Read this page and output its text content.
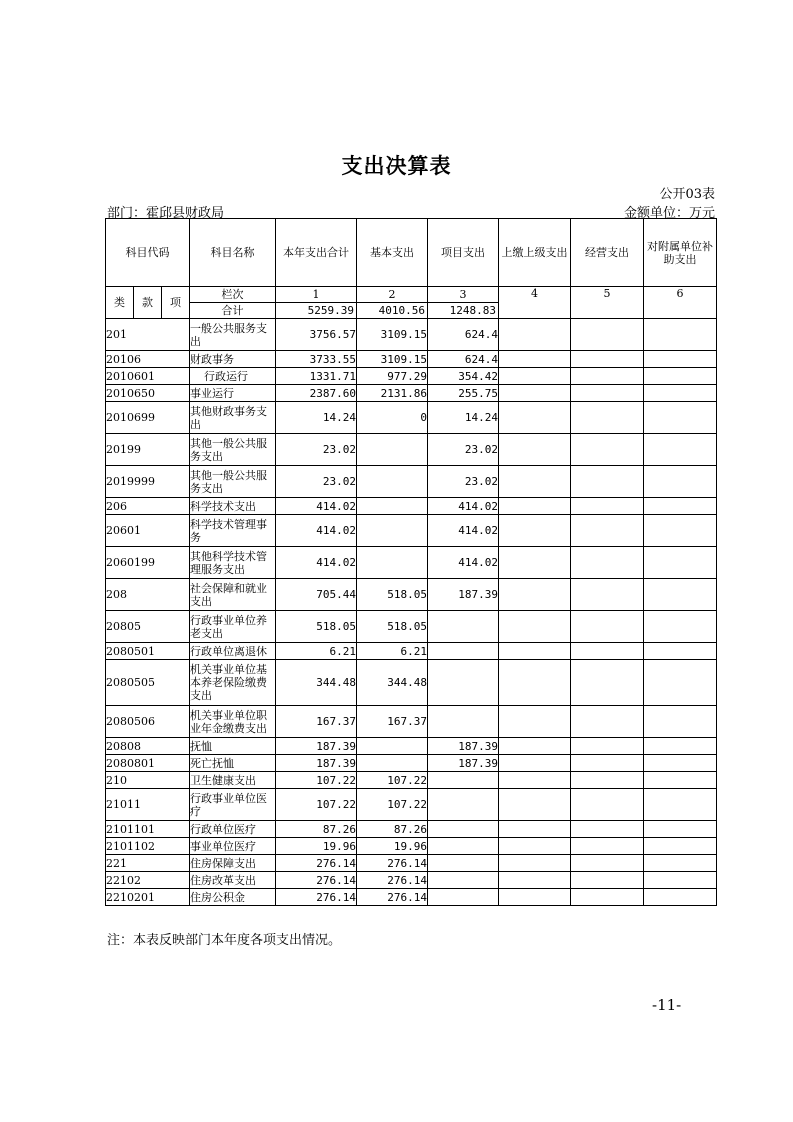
支出决算表
公开03表
部门：霍邱县财政局	金额单位：万元
科目代码			科目名称	本年支出合计	基本支出	项目支出	上缴上级支出	经营支出	对附属单位补助支出
类	款	项	栏次	1	2	3	4	5	6
			合计	5259.39	4010.56	1248.83			
201			一般公共服务支出	3756.57	3109.15	624.4			
20106			财政事务	3733.55	3109.15	624.4			
2010601			行政运行	1331.71	977.29	354.42			
2010650			事业运行	2387.60	2131.86	255.75			
2010699			其他财政事务支出	14.24	0	14.24			
20199			其他一般公共服务支出	23.02		23.02			
2019999			其他一般公共服务支出	23.02		23.02			
206			科学技术支出	414.02		414.02			
20601			科学技术管理事务	414.02		414.02			
2060199			其他科学技术管理服务支出	414.02		414.02			
208			社会保障和就业支出	705.44	518.05	187.39			
20805			行政事业单位养老支出	518.05	518.05				
2080501			行政单位离退休	6.21	6.21				
2080505			机关事业单位基本养老保险缴费支出	344.48	344.48				
2080506			机关事业单位职业年金缴费支出	167.37	167.37				
20808			抚恤	187.39		187.39			
2080801			死亡抚恤	187.39		187.39			
210			卫生健康支出	107.22	107.22				
21011			行政事业单位医疗	107.22	107.22				
2101101			行政单位医疗	87.26	87.26				
2101102			事业单位医疗	19.96	19.96				
221			住房保障支出	276.14	276.14				
22102			住房改革支出	276.14	276.14				
2210201			住房公积金	276.14	276.14				
注：本表反映部门本年度各项支出情况。
-11-
